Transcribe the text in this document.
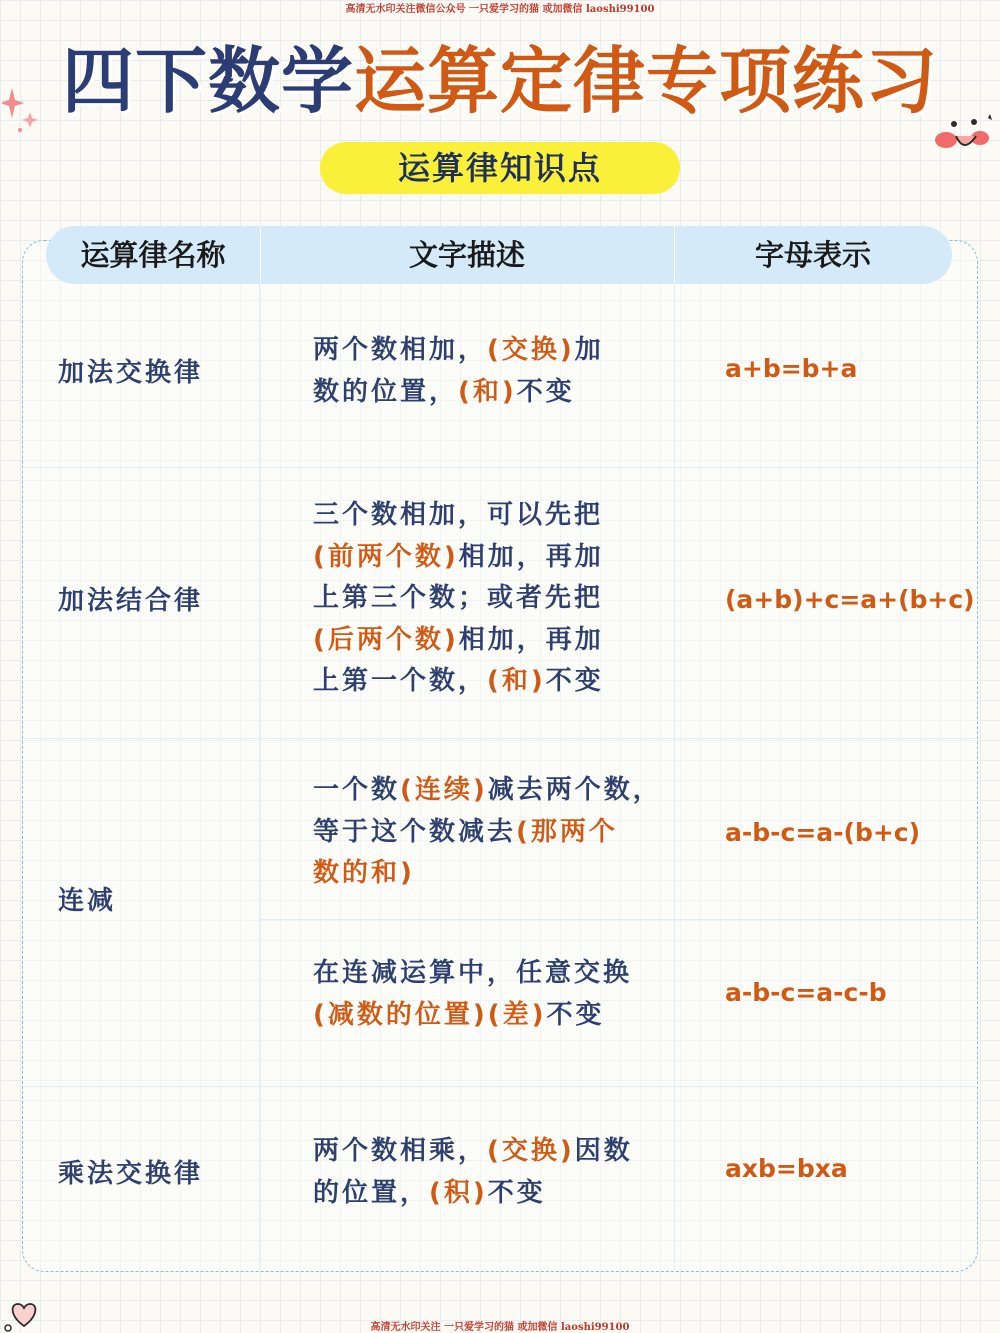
高清无水印关注微信公众号 一只爱学习的猫 或加微信 laoshi99100
四下数学运算定律专项练习
运算律知识点
运算律名称	文字描述	字母表示
加法交换律
两个数相加，(交换)加
数的位置，(和)不变
a+b=b+a
加法结合律
三个数相加，可以先把
(前两个数)相加，再加
上第三个数；或者先把
(后两个数)相加，再加
上第一个数，(和)不变
(a+b)+c=a+(b+c)
连减
一个数(连续)减去两个数，
等于这个数减去(那两个
数的和)
a-b-c=a-(b+c)
在连减运算中，任意交换
(减数的位置)(差)不变
a-b-c=a-c-b
乘法交换律
两个数相乘，(交换)因数
的位置，(积)不变
axb=bxa
高清无水印关注 一只爱学习的猫 或加微信 laoshi99100
